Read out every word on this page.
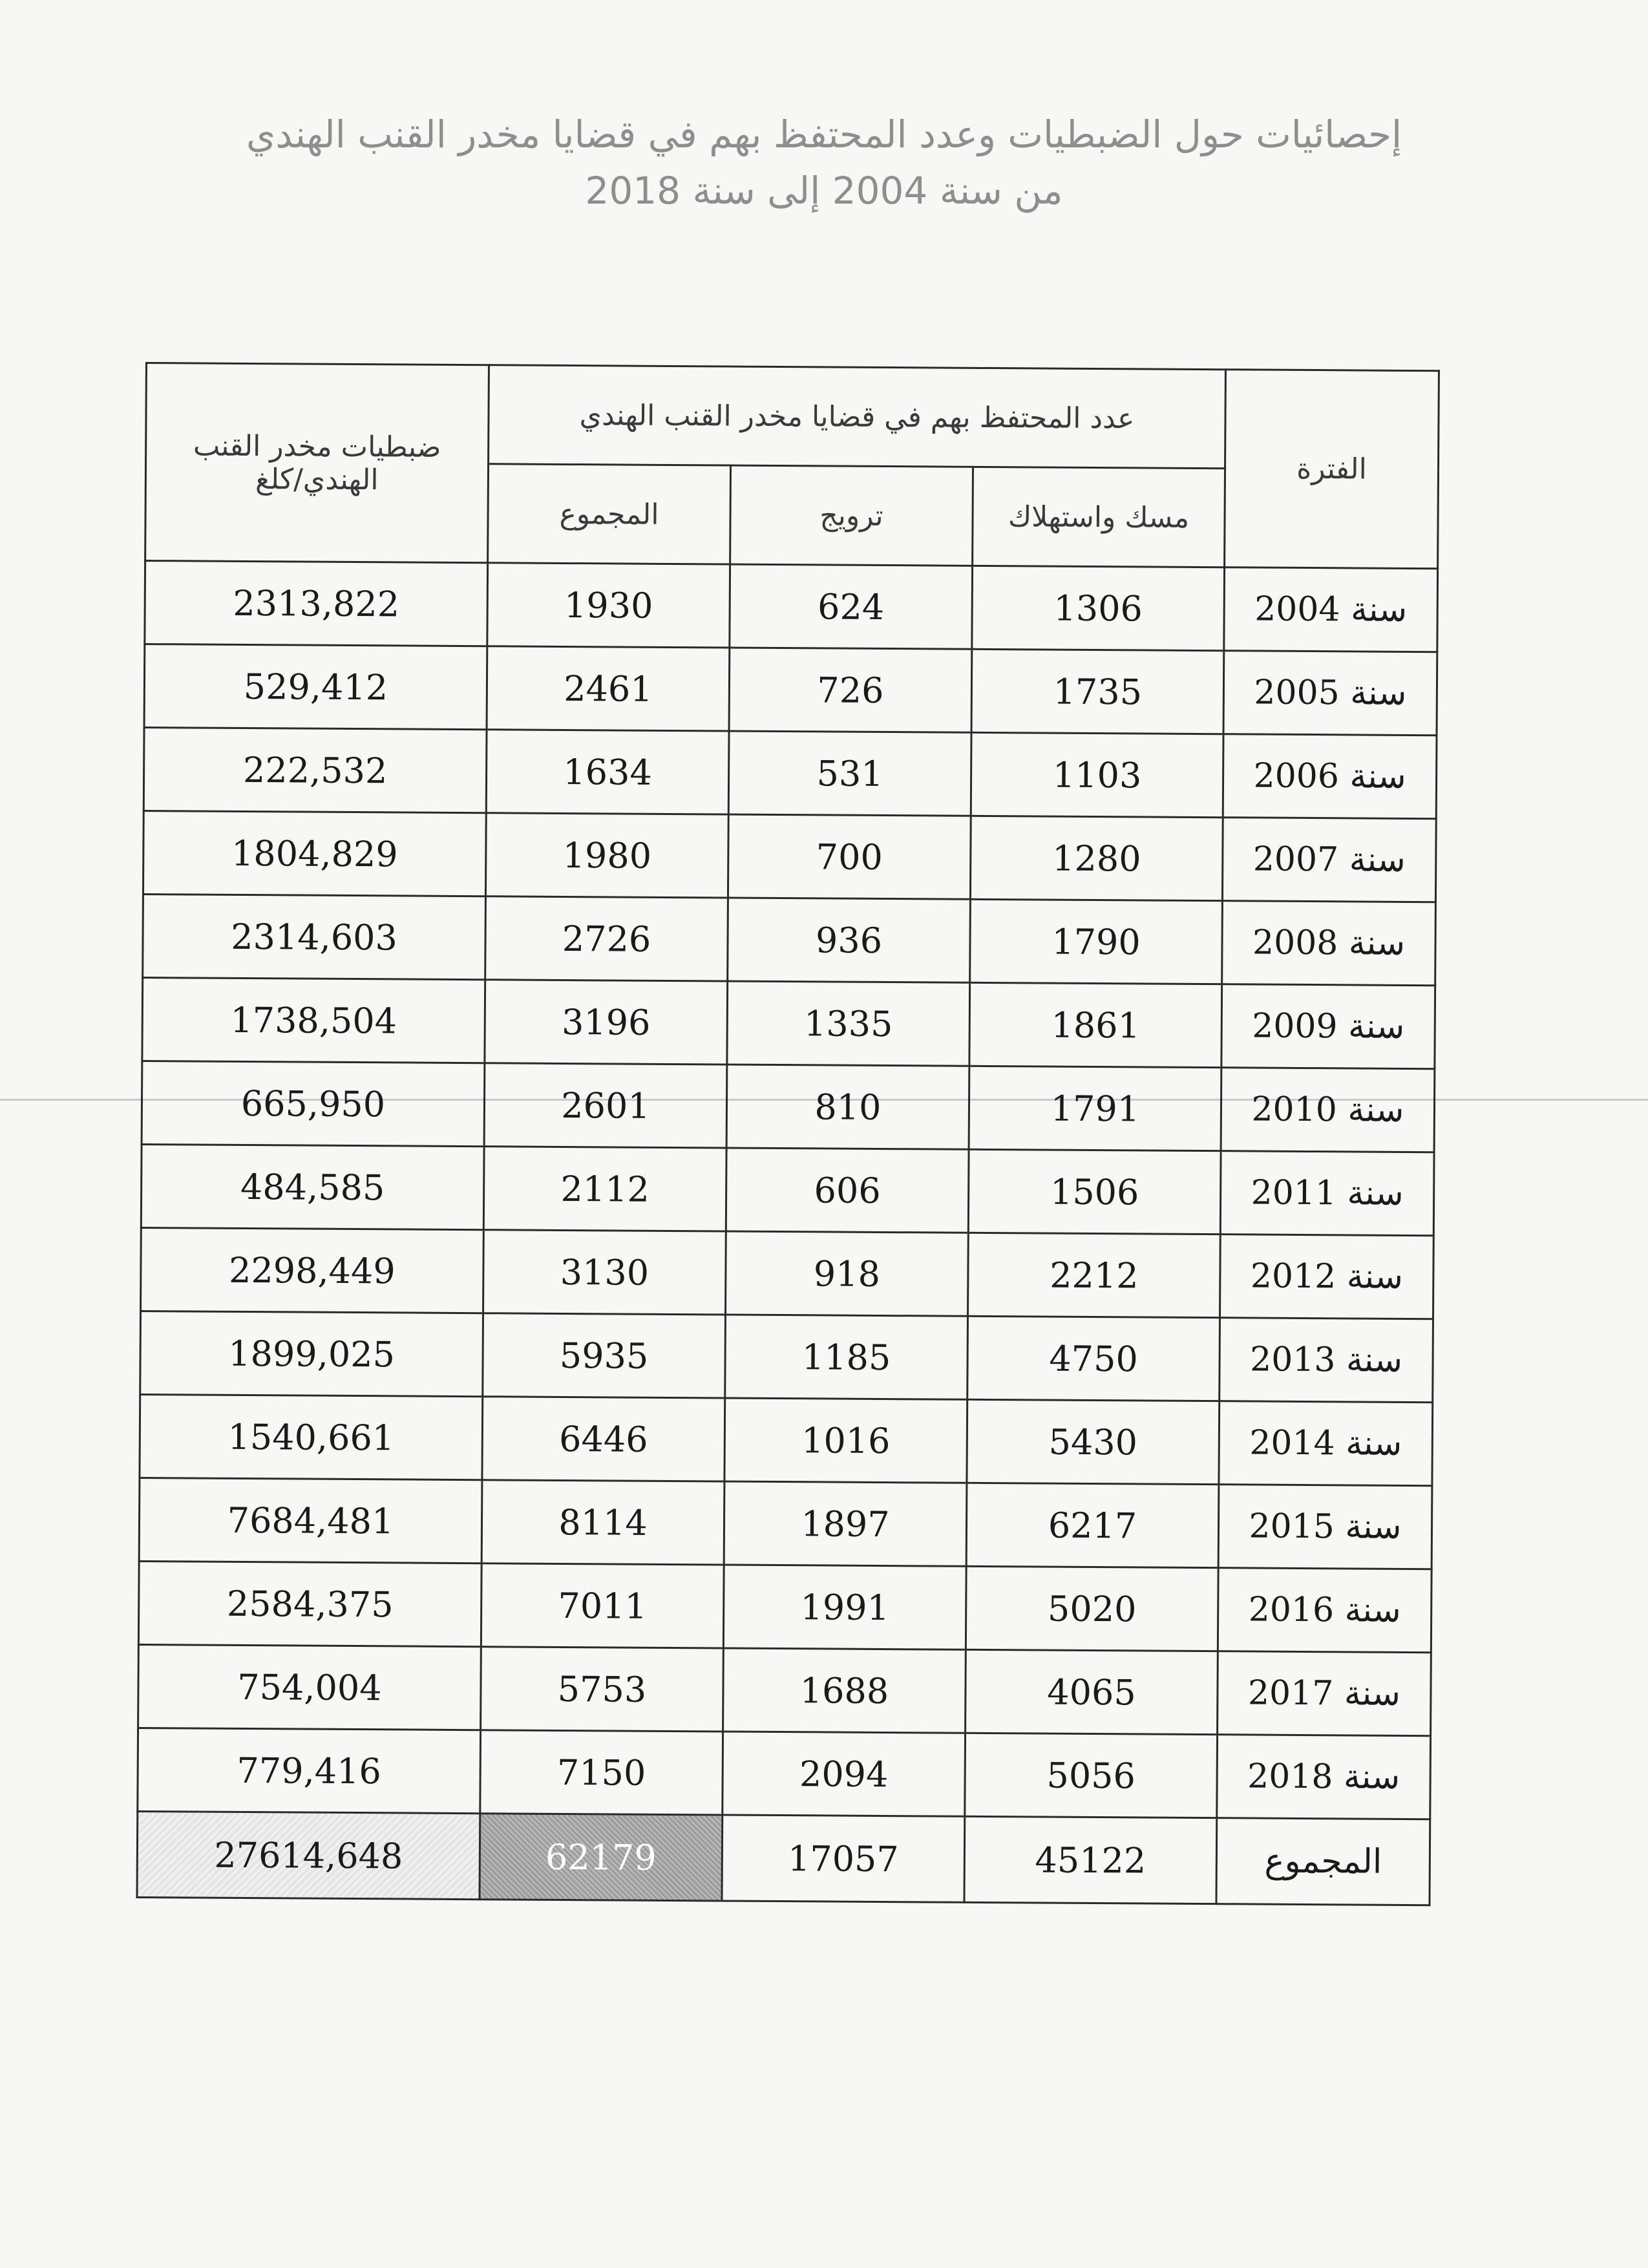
إحصائيات حول الضبطيات وعدد المحتفظ بهم في قضايا مخدر القنب الهندي
من سنة 2004 إلى سنة 2018
الفترة	عدد المحتفظ بهم في قضايا مخدر القنب الهندي			ضبطيات مخدر القنب الهندي/كلغ
	مسك واستهلاك	ترويج	المجموع	
سنة 2004	1306	624	1930	2313,822
سنة 2005	1735	726	2461	529,412
سنة 2006	1103	531	1634	222,532
سنة 2007	1280	700	1980	1804,829
سنة 2008	1790	936	2726	2314,603
سنة 2009	1861	1335	3196	1738,504
سنة 2010	1791	810	2601	665,950
سنة 2011	1506	606	2112	484,585
سنة 2012	2212	918	3130	2298,449
سنة 2013	4750	1185	5935	1899,025
سنة 2014	5430	1016	6446	1540,661
سنة 2015	6217	1897	8114	7684,481
سنة 2016	5020	1991	7011	2584,375
سنة 2017	4065	1688	5753	754,004
سنة 2018	5056	2094	7150	779,416
المجموع	45122	17057	62179	27614,648
